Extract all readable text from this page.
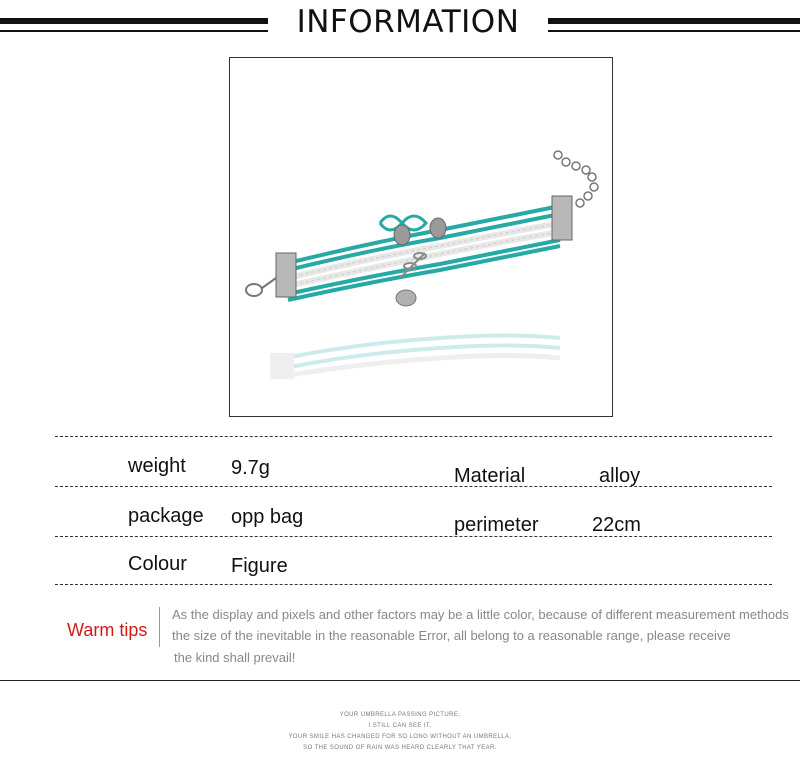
INFORMATION
weight 9.7g	Material	alloy
package opp bag	perimeter	22cm
Colour Figure
Warm tips
As the display and pixels and other factors may be a little color, because of different measurement methods
the size of the inevitable in the reasonable Error, all belong to a reasonable range, please receive
the kind shall prevail!
YOUR UMBRELLA PASSING PICTURE,
I STILL CAN SEE IT,
YOUR SMILE HAS CHANGED FOR SO LONG WITHOUT AN UMBRELLA,
SO THE SOUND OF RAIN WAS HEARD CLEARLY THAT YEAR.
